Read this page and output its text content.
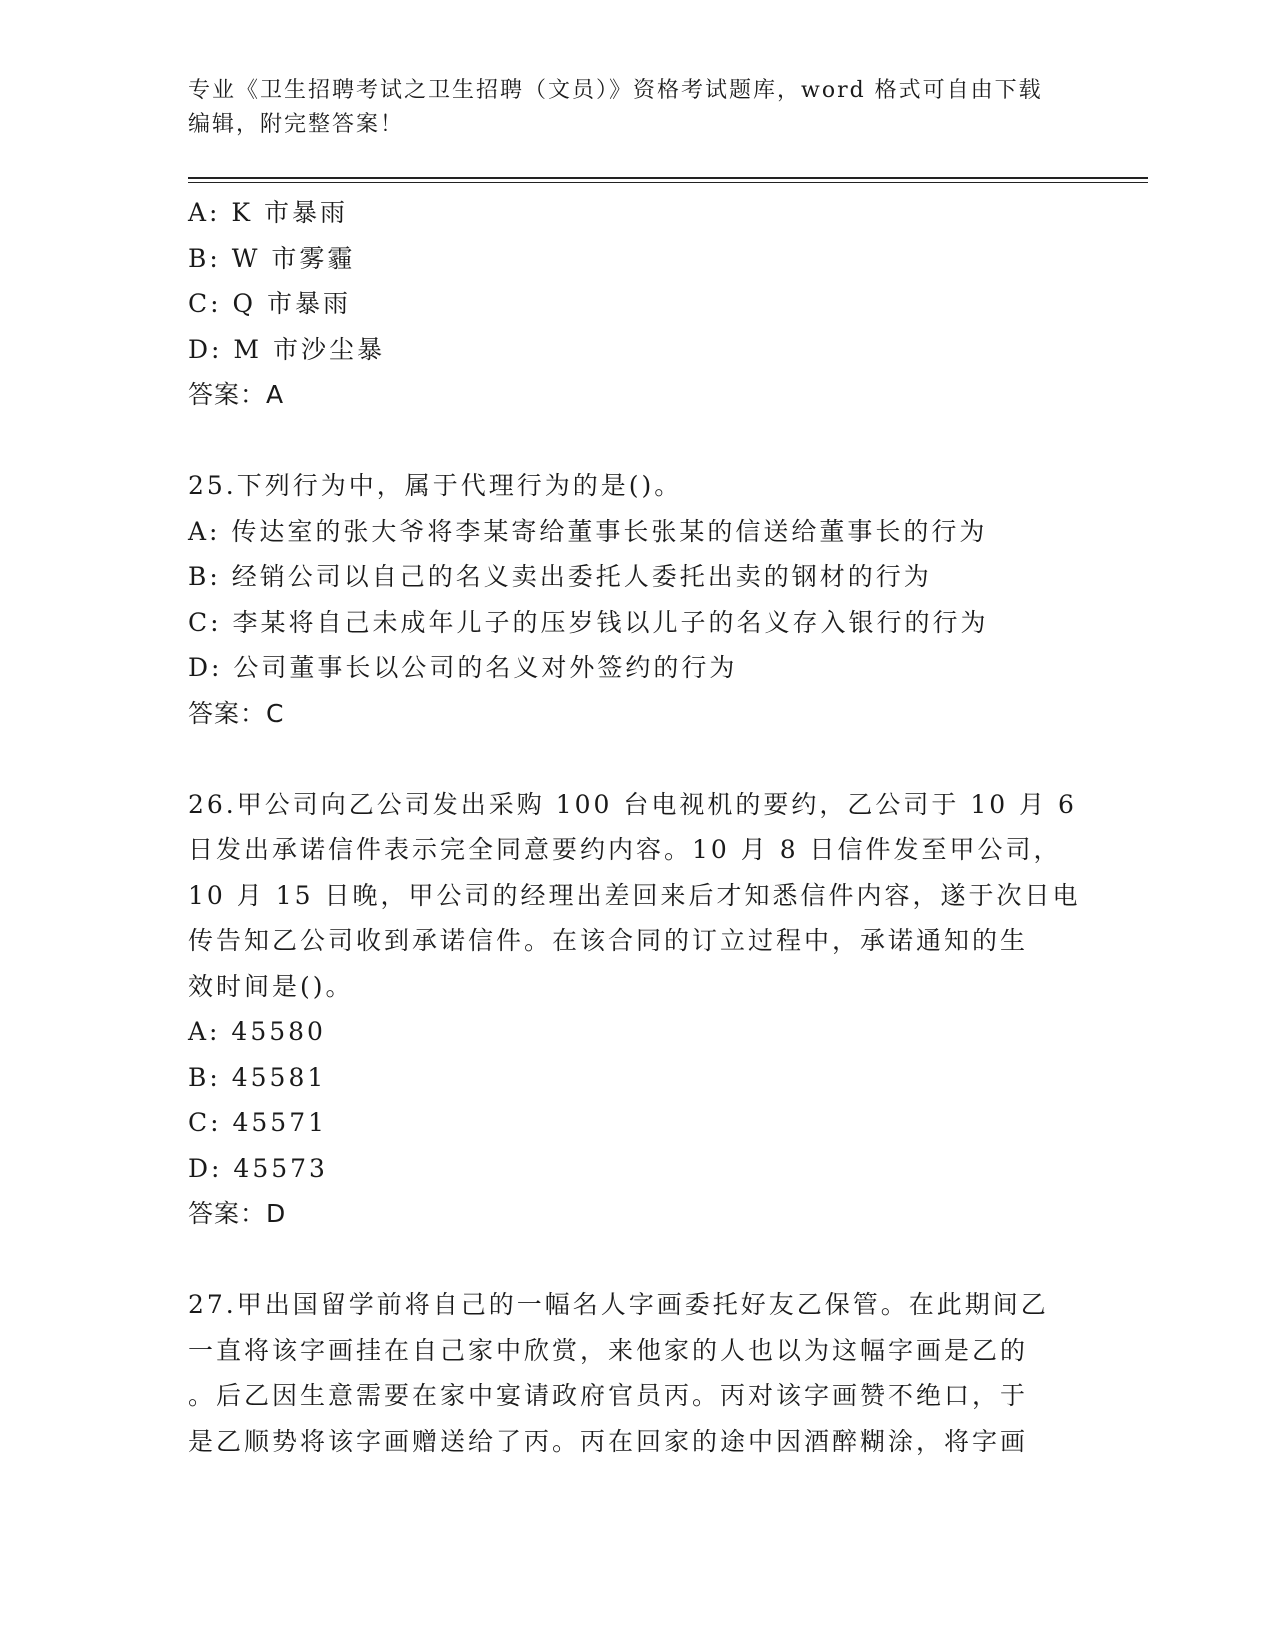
专业《卫生招聘考试之卫生招聘（文员）》资格考试题库，word 格式可自由下载
编辑，附完整答案！
A: K 市暴雨
B: W 市雾霾
C: Q 市暴雨
D: M 市沙尘暴
答案：A
25.下列行为中，属于代理行为的是()。
A: 传达室的张大爷将李某寄给董事长张某的信送给董事长的行为
B: 经销公司以自己的名义卖出委托人委托出卖的钢材的行为
C: 李某将自己未成年儿子的压岁钱以儿子的名义存入银行的行为
D: 公司董事长以公司的名义对外签约的行为
答案：C
26.甲公司向乙公司发出采购 100 台电视机的要约，乙公司于 10 月 6
日发出承诺信件表示完全同意要约内容。10 月 8 日信件发至甲公司，
10 月 15 日晚，甲公司的经理出差回来后才知悉信件内容，遂于次日电
传告知乙公司收到承诺信件。在该合同的订立过程中，承诺通知的生
效时间是()。
A: 45580
B: 45581
C: 45571
D: 45573
答案：D
27.甲出国留学前将自己的一幅名人字画委托好友乙保管。在此期间乙
一直将该字画挂在自己家中欣赏，来他家的人也以为这幅字画是乙的
。后乙因生意需要在家中宴请政府官员丙。丙对该字画赞不绝口，于
是乙顺势将该字画赠送给了丙。丙在回家的途中因酒醉糊涂，将字画
